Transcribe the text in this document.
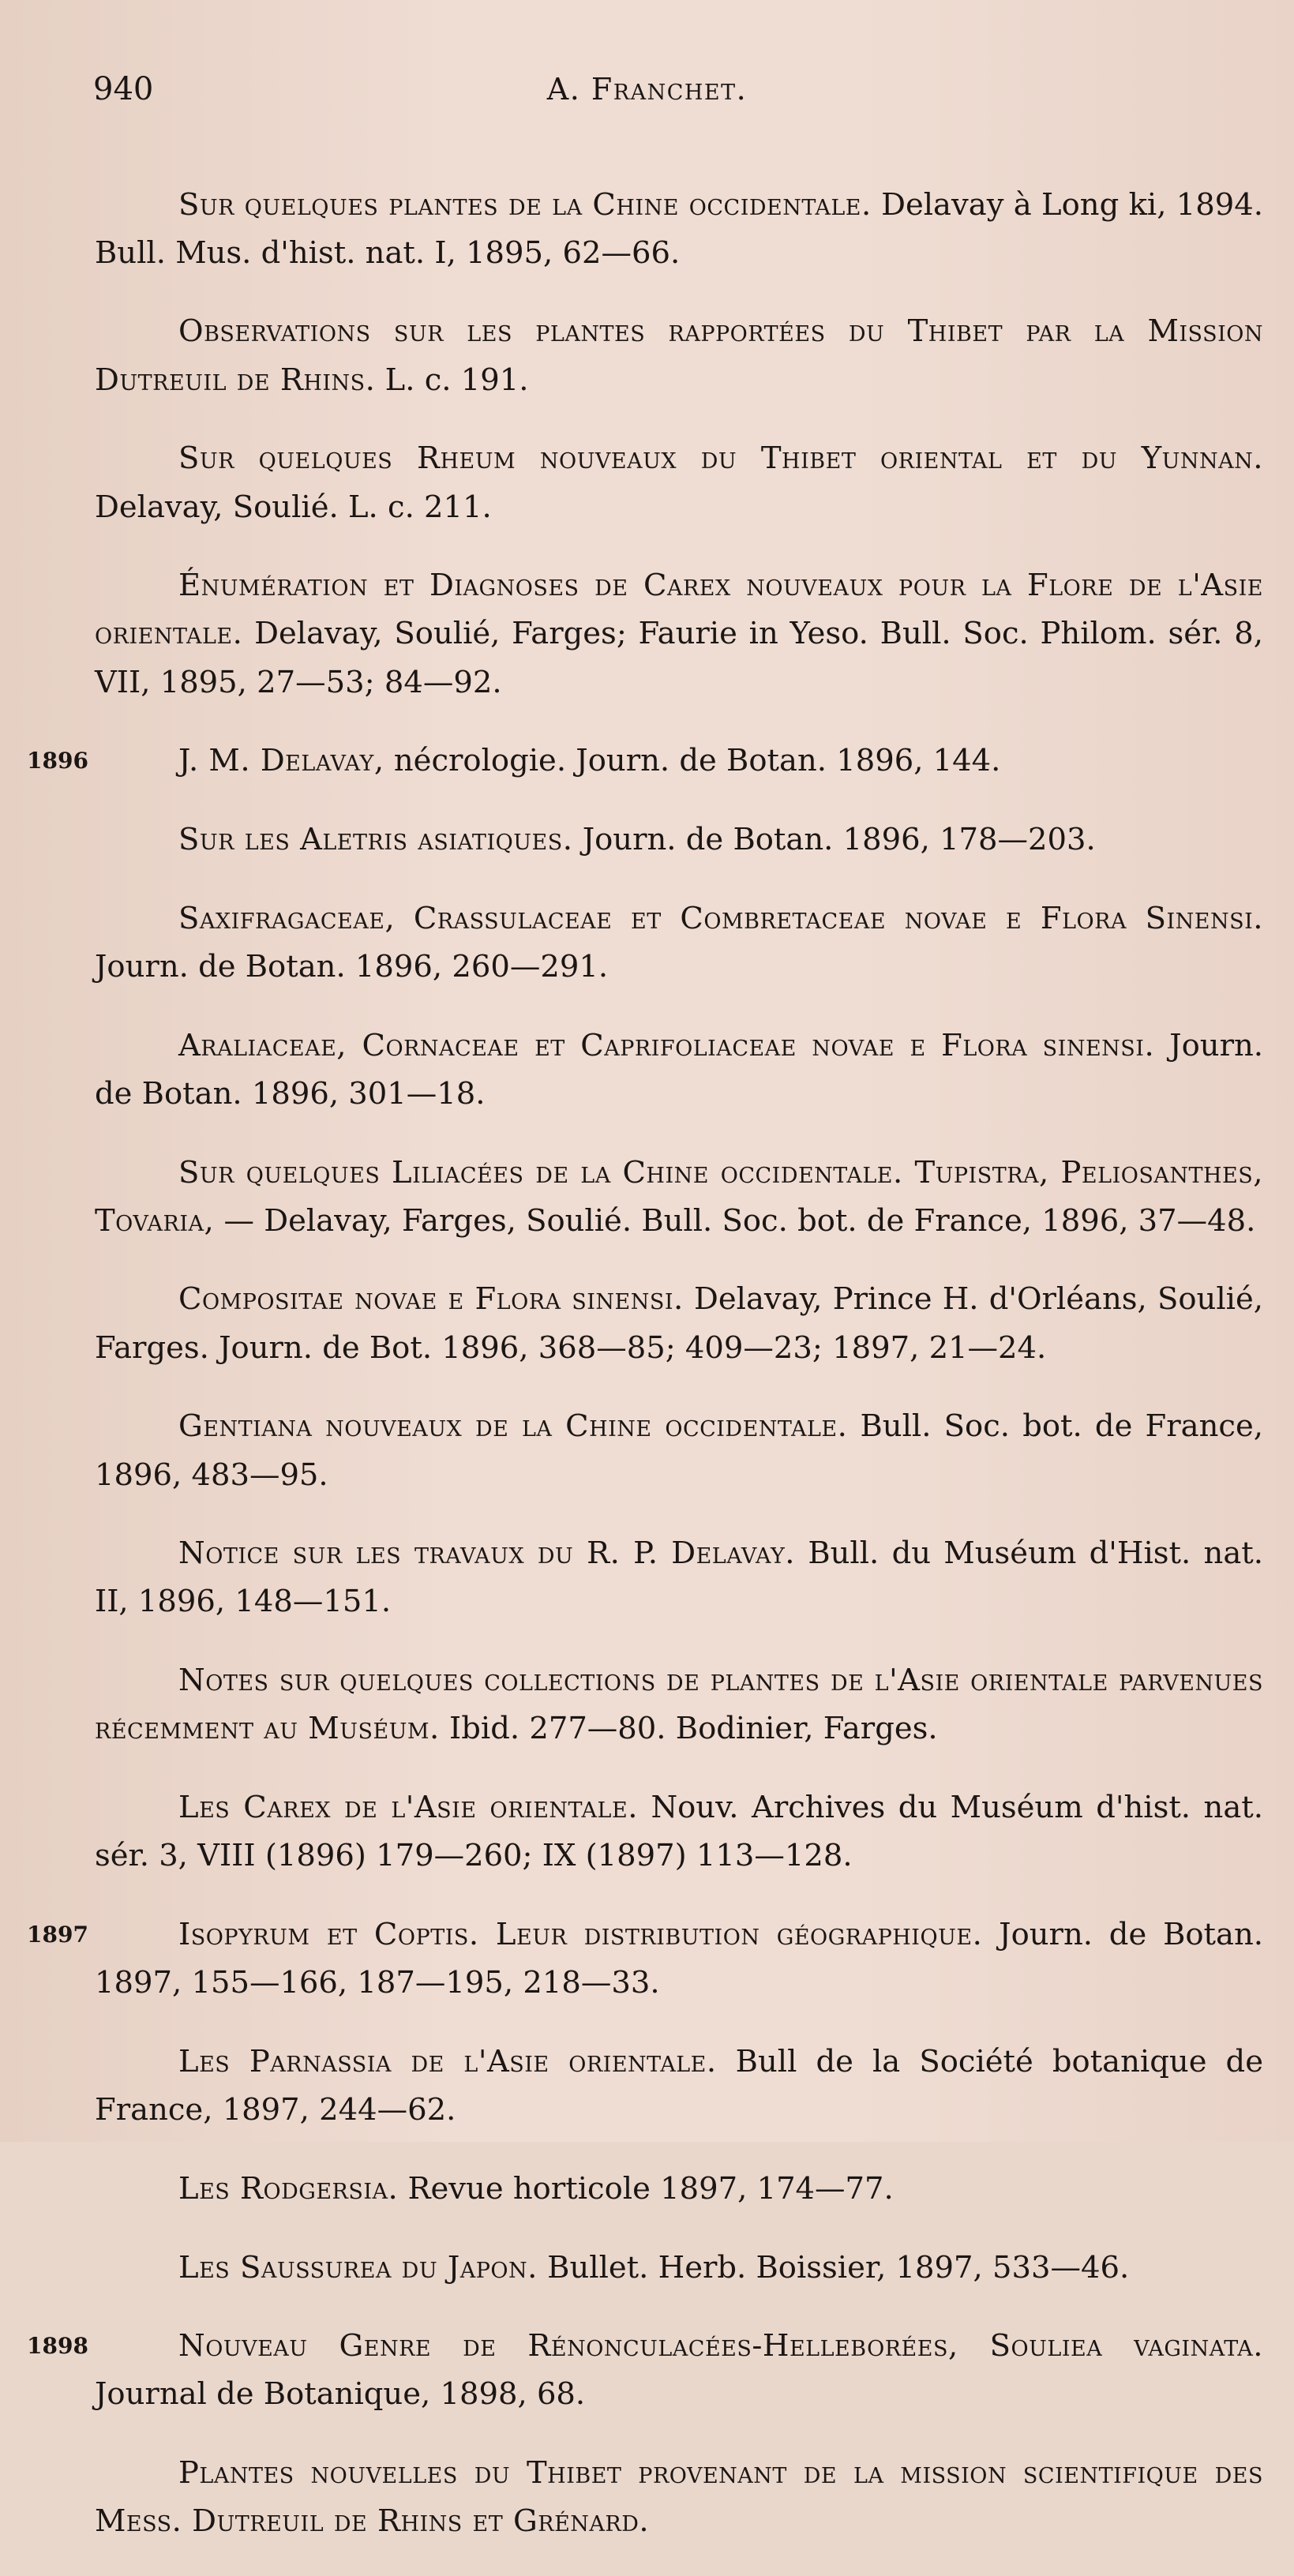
940	A. Franchet.

Sur quelques plantes de la Chine occidentale. Delavay à Long ki, 1894. Bull. Mus. d'hist. nat. I, 1895, 62—66.

Observations sur les plantes rapportées du Thibet par la Mission Dutreuil de Rhins. L. c. 191.

Sur quelques Rheum nouveaux du Thibet oriental et du Yunnan. Delavay, Soulié. L. c. 211.

Énumération et Diagnoses de Carex nouveaux pour la Flore de l'Asie orientale. Delavay, Soulié, Farges; Faurie in Yeso. Bull. Soc. Philom. sér. 8, VII, 1895, 27—53; 84—92.

1896	J. M. Delavay, nécrologie. Journ. de Botan. 1896, 144.

Sur les Aletris asiatiques. Journ. de Botan. 1896, 178—203.

Saxifragaceae, Crassulaceae et Combretaceae novae e Flora Sinensi. Journ. de Botan. 1896, 260—291.

Araliaceae, Cornaceae et Caprifoliaceae novae e Flora sinensi. Journ. de Botan. 1896, 301—18.

Sur quelques Liliacées de la Chine occidentale. Tupistra, Peliosanthes, Tovaria, — Delavay, Farges, Soulié. Bull. Soc. bot. de France, 1896, 37—48.

Compositae novae e Flora sinensi. Delavay, Prince H. d'Orléans, Soulié, Farges. Journ. de Bot. 1896, 368—85; 409—23; 1897, 21—24.

Gentiana nouveaux de la Chine occidentale. Bull. Soc. bot. de France, 1896, 483—95.

Notice sur les travaux du R. P. Delavay. Bull. du Muséum d'Hist. nat. II, 1896, 148—151.

Notes sur quelques collections de plantes de l'Asie orientale parvenues récemment au Muséum. Ibid. 277—80. Bodinier, Farges.

Les Carex de l'Asie orientale. Nouv. Archives du Muséum d'hist. nat. sér. 3, VIII (1896) 179—260; IX (1897) 113—128.

1897	Isopyrum et Coptis. Leur distribution géographique. Journ. de Botan. 1897, 155—166, 187—195, 218—33.

Les Parnassia de l'Asie orientale. Bull de la Société botanique de France, 1897, 244—62.

Les Rodgersia. Revue horticole 1897, 174—77.

Les Saussurea du Japon. Bullet. Herb. Boissier, 1897, 533—46.

1898	Nouveau Genre de Rénonculacées-Helleborées, Souliea vaginata. Journal de Botanique, 1898, 68.

Plantes nouvelles du Thibet provenant de la mission scientifique des Mess. Dutreuil de Rhins et Grénard.
